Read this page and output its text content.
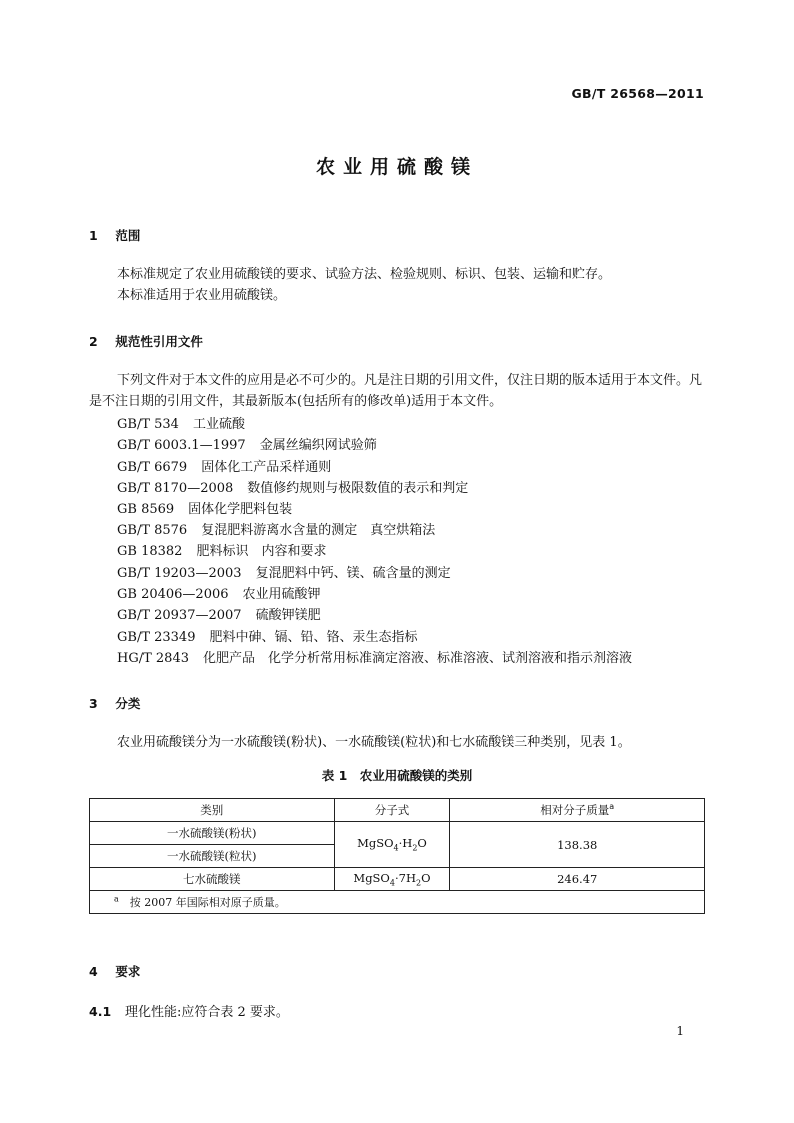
GB/T 26568—2011
农业用硫酸镁
1 范围
本标准规定了农业用硫酸镁的要求、试验方法、检验规则、标识、包装、运输和贮存。
本标准适用于农业用硫酸镁。
2 规范性引用文件
下列文件对于本文件的应用是必不可少的。凡是注日期的引用文件，仅注日期的版本适用于本文件。凡是不注日期的引用文件，其最新版本(包括所有的修改单)适用于本文件。
GB/T 534 工业硫酸
GB/T 6003.1—1997 金属丝编织网试验筛
GB/T 6679 固体化工产品采样通则
GB/T 8170—2008 数值修约规则与极限数值的表示和判定
GB 8569 固体化学肥料包装
GB/T 8576 复混肥料游离水含量的测定　真空烘箱法
GB 18382 肥料标识　内容和要求
GB/T 19203—2003 复混肥料中钙、镁、硫含量的测定
GB 20406—2006 农业用硫酸钾
GB/T 20937—2007 硫酸钾镁肥
GB/T 23349 肥料中砷、镉、铅、铬、汞生态指标
HG/T 2843 化肥产品　化学分析常用标准滴定溶液、标准溶液、试剂溶液和指示剂溶液
3 分类
农业用硫酸镁分为一水硫酸镁(粉状)、一水硫酸镁(粒状)和七水硫酸镁三种类别，见表 1。
表 1　农业用硫酸镁的类别
类别	分子式	相对分子质量$^a$
一水硫酸镁(粉状)	$MgSO_4\cdot H_2O$	138.38
一水硫酸镁(粒状)		
七水硫酸镁	$MgSO_4\cdot 7H_2O$	246.47
$^a$　 按 2007 年国际相对原子质量。		
4 要求
4.1 理化性能:应符合表 2 要求。
1
